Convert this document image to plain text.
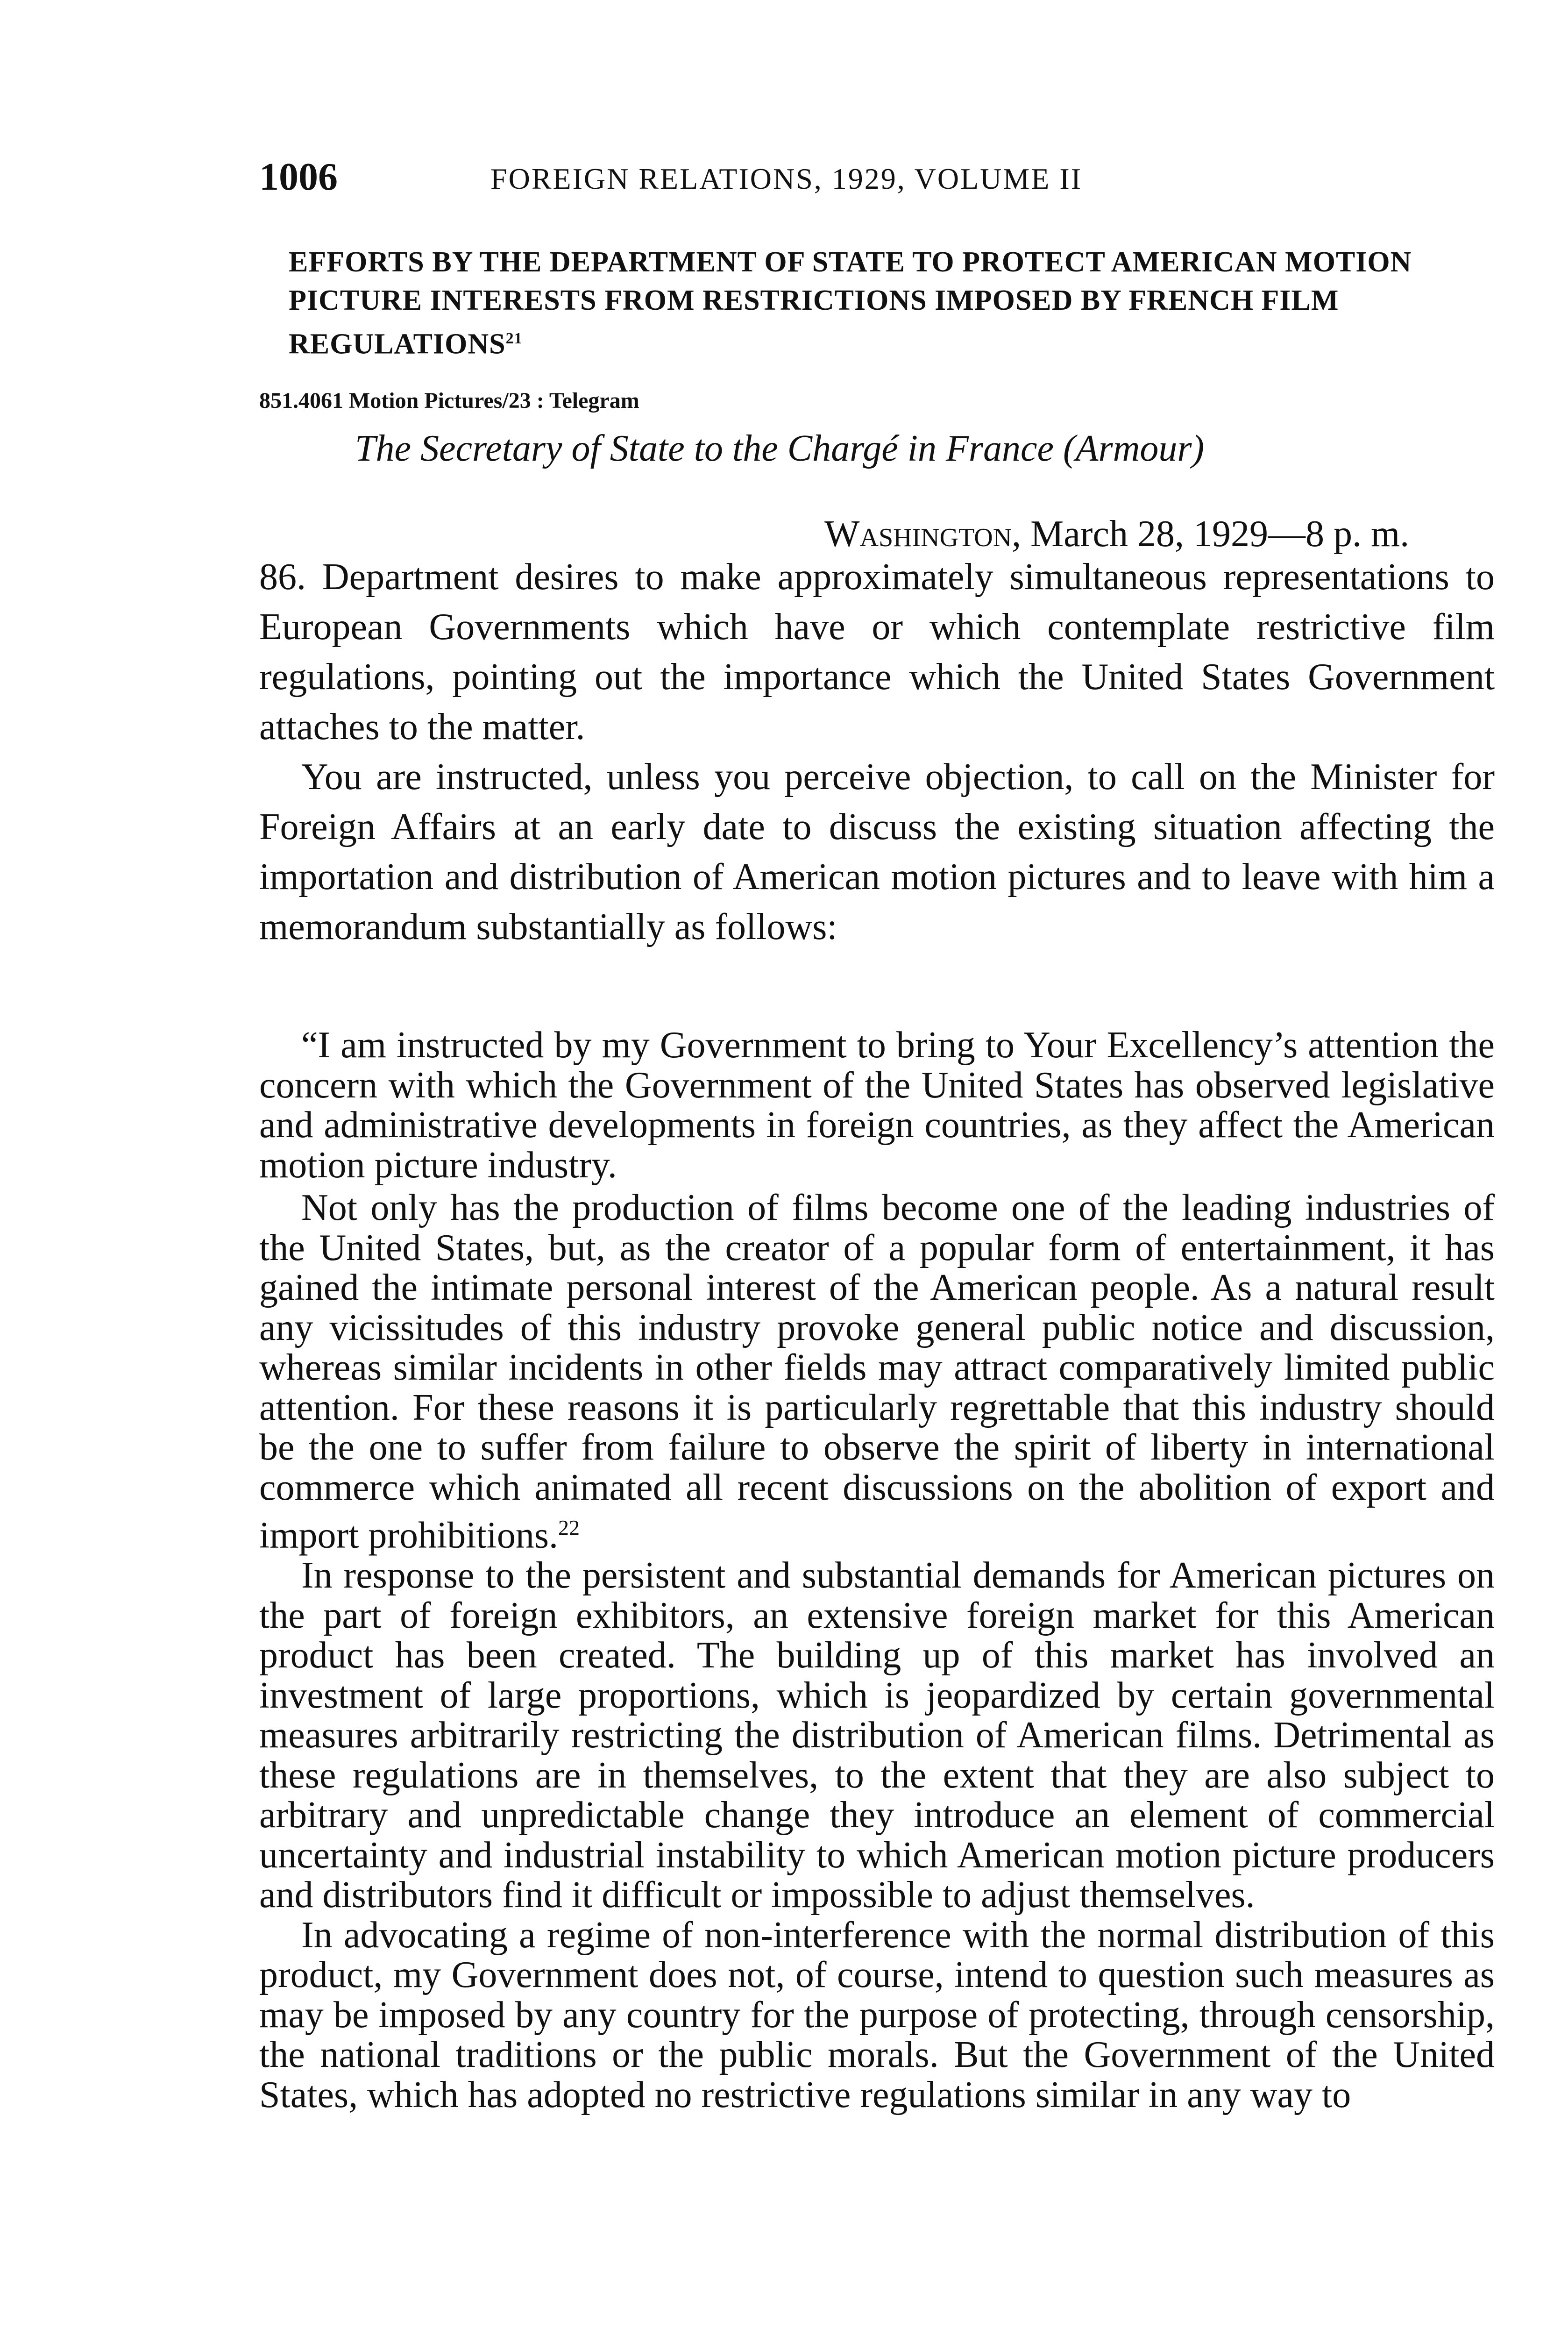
1006	FOREIGN RELATIONS, 1929, VOLUME II
EFFORTS BY THE DEPARTMENT OF STATE TO PROTECT AMERICAN MOTION PICTURE INTERESTS FROM RESTRICTIONS IMPOSED BY FRENCH FILM REGULATIONS$^{21}$
851.4061 Motion Pictures/23 : Telegram
The Secretary of State to the Chargé in France (Armour)
Washington, March 28, 1929—8 p. m.

86. Department desires to make approximately simultaneous representations to European Governments which have or which contemplate restrictive film regulations, pointing out the importance which the United States Government attaches to the matter.

You are instructed, unless you perceive objection, to call on the Minister for Foreign Affairs at an early date to discuss the existing situation affecting the importation and distribution of American motion pictures and to leave with him a memorandum substantially as follows:

“I am instructed by my Government to bring to Your Excellency’s attention the concern with which the Government of the United States has observed legislative and administrative developments in foreign countries, as they affect the American motion picture industry.

Not only has the production of films become one of the leading industries of the United States, but, as the creator of a popular form of entertainment, it has gained the intimate personal interest of the American people. As a natural result any vicissitudes of this industry provoke general public notice and discussion, whereas similar incidents in other fields may attract comparatively limited public attention. For these reasons it is particularly regrettable that this industry should be the one to suffer from failure to observe the spirit of liberty in international commerce which animated all recent discussions on the abolition of export and import prohibitions.$^{22}$

In response to the persistent and substantial demands for American pictures on the part of foreign exhibitors, an extensive foreign market for this American product has been created. The building up of this market has involved an investment of large proportions, which is jeopardized by certain governmental measures arbitrarily restricting the distribution of American films. Detrimental as these regulations are in themselves, to the extent that they are also subject to arbitrary and unpredictable change they introduce an element of commercial uncertainty and industrial instability to which American motion picture producers and distributors find it difficult or impossible to adjust themselves.

In advocating a regime of non-interference with the normal distribution of this product, my Government does not, of course, intend to question such measures as may be imposed by any country for the purpose of protecting, through censorship, the national traditions or the public morals. But the Government of the United States, which has adopted no restrictive regulations similar in any way to
